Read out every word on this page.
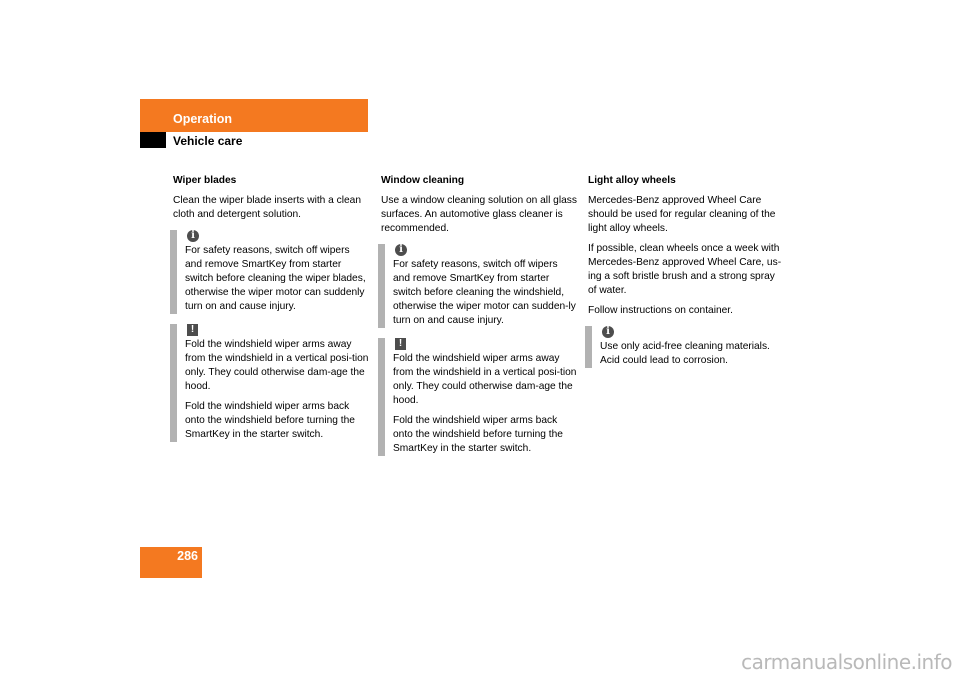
Operation
Vehicle care
Wiper blades
Clean the wiper blade inserts with a clean cloth and detergent solution.
i
For safety reasons, switch off wipers and remove SmartKey from starter switch before cleaning the wiper blades, otherwise the wiper motor can suddenly turn on and cause injury.
!
Fold the windshield wiper arms away from the windshield in a vertical posi-tion only. They could otherwise dam-age the hood.
Fold the windshield wiper arms back onto the windshield before turning the SmartKey in the starter switch.
Window cleaning
Use a window cleaning solution on all glass surfaces. An automotive glass cleaner is recommended.
i
For safety reasons, switch off wipers and remove SmartKey from starter switch before cleaning the windshield, otherwise the wiper motor can sudden-ly turn on and cause injury.
!
Fold the windshield wiper arms away from the windshield in a vertical posi-tion only. They could otherwise dam-age the hood.
Fold the windshield wiper arms back onto the windshield before turning the SmartKey in the starter switch.
Light alloy wheels
Mercedes-Benz approved Wheel Care should be used for regular cleaning of the light alloy wheels.
If possible, clean wheels once a week with Mercedes-Benz approved Wheel Care, us-ing a soft bristle brush and a strong spray of water.
Follow instructions on container.
i
Use only acid-free cleaning materials. Acid could lead to corrosion.
286
carmanualsonline.info
